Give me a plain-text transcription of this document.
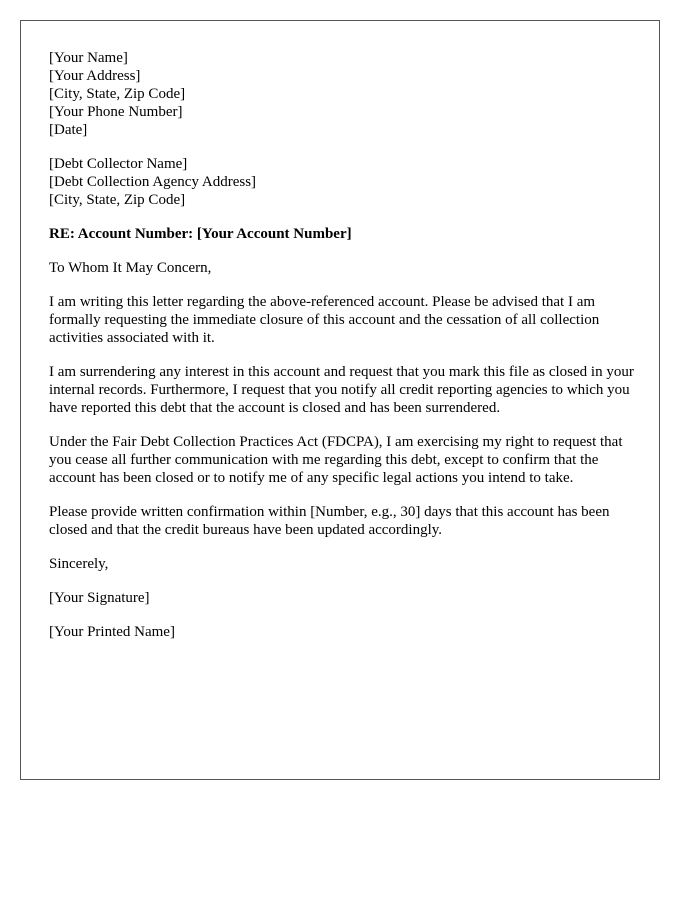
[Your Name]
[Your Address]
[City, State, Zip Code]
[Your Phone Number]
[Date]
[Debt Collector Name]
[Debt Collection Agency Address]
[City, State, Zip Code]
RE: Account Number: [Your Account Number]
To Whom It May Concern,
I am writing this letter regarding the above-referenced account. Please be advised that I am formally requesting the immediate closure of this account and the cessation of all collection activities associated with it.
I am surrendering any interest in this account and request that you mark this file as closed in your internal records. Furthermore, I request that you notify all credit reporting agencies to which you have reported this debt that the account is closed and has been surrendered.
Under the Fair Debt Collection Practices Act (FDCPA), I am exercising my right to request that you cease all further communication with me regarding this debt, except to confirm that the account has been closed or to notify me of any specific legal actions you intend to take.
Please provide written confirmation within [Number, e.g., 30] days that this account has been closed and that the credit bureaus have been updated accordingly.
Sincerely,
[Your Signature]
[Your Printed Name]
